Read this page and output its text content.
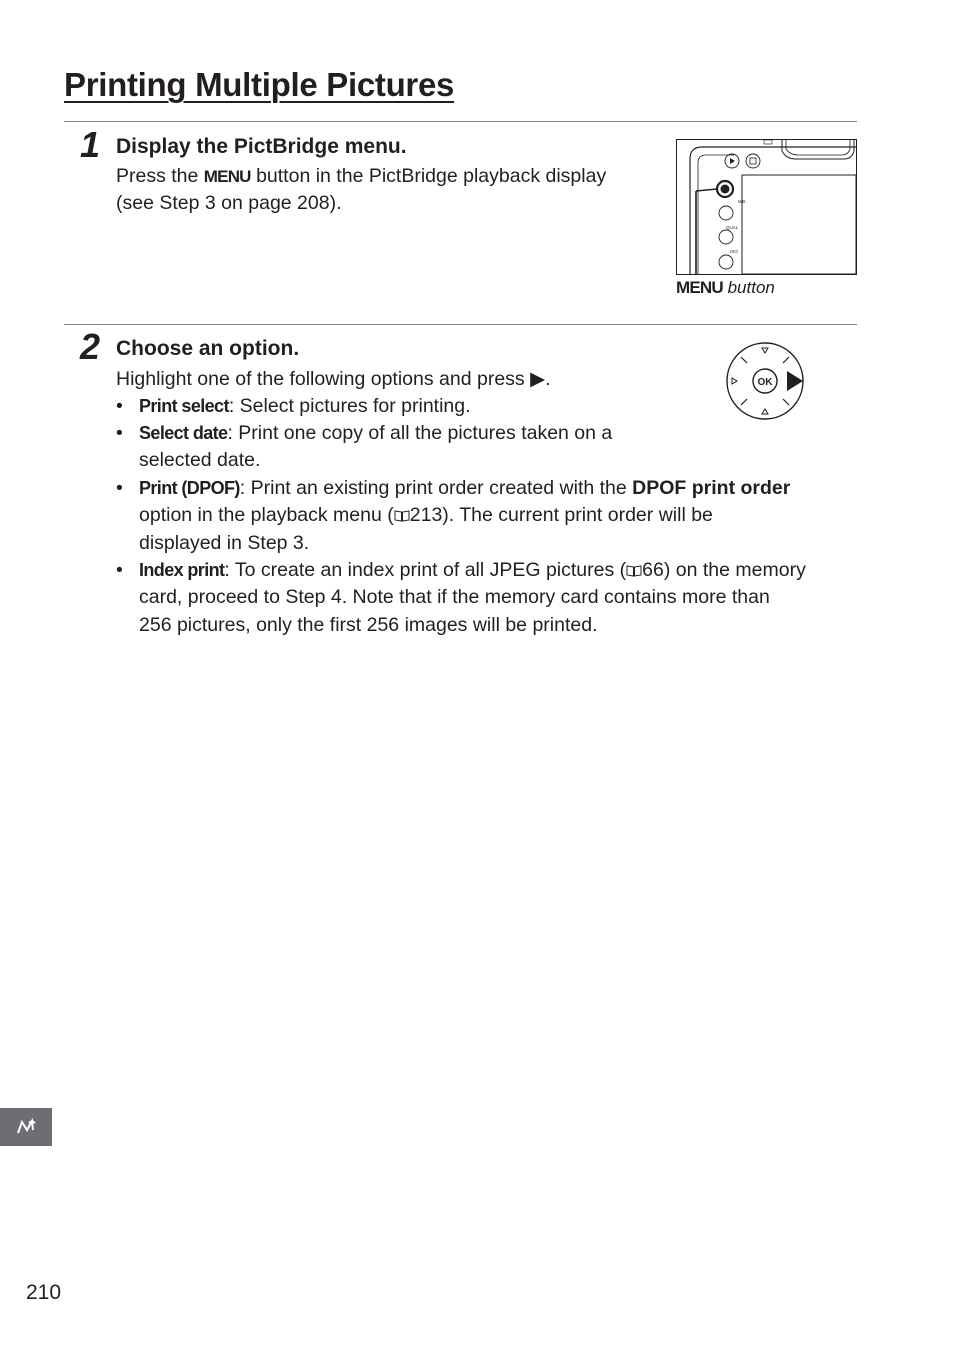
Printing Multiple Pictures
1 Display the PictBridge menu.
Press the MENU button in the PictBridge playback display
(see Step 3 on page 208).	WB
QUAL
ISO
MENU button
2 Choose an option.
Highlight one of the following options and press ▶.	OK
• Print select: Select pictures for printing.
• Select date: Print one copy of all the pictures taken on a
selected date.
• Print (DPOF): Print an existing print order created with the DPOF print order
option in the playback menu ( 213). The current print order will be
displayed in Step 3.
• Index print: To create an index print of all JPEG pictures ( 66) on the memory
card, proceed to Step 4. Note that if the memory card contains more than
256 pictures, only the first 256 images will be printed.
210
